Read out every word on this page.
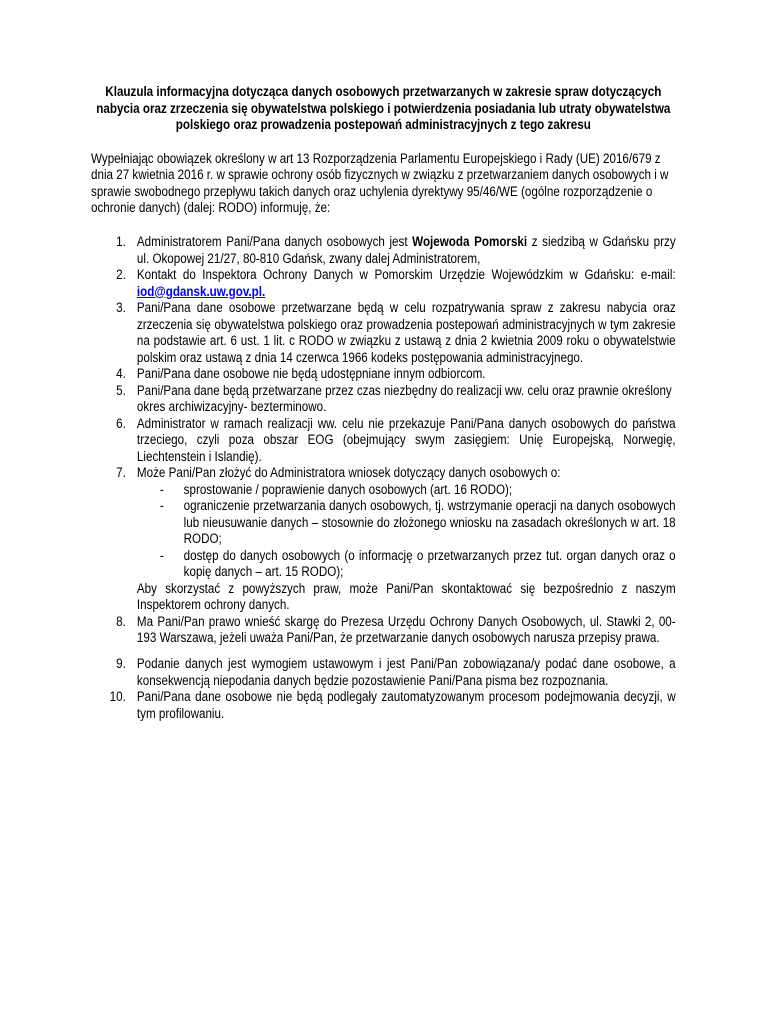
Klauzula informacyjna dotycząca danych osobowych przetwarzanych w zakresie spraw dotyczących nabycia oraz zrzeczenia się obywatelstwa polskiego i potwierdzenia posiadania lub utraty obywatelstwa polskiego oraz prowadzenia postepowań administracyjnych z tego zakresu

Wypełniając obowiązek określony w art 13 Rozporządzenia Parlamentu Europejskiego i Rady (UE) 2016/679 z dnia 27 kwietnia 2016 r. w sprawie ochrony osób fizycznych w związku z przetwarzaniem danych osobowych i w sprawie swobodnego przepływu takich danych oraz uchylenia dyrektywy 95/46/WE (ogólne rozporządzenie o ochronie danych) (dalej: RODO) informuję, że:

1. Administratorem Pani/Pana danych osobowych jest Wojewoda Pomorski z siedzibą w Gdańsku przy ul. Okopowej 21/27, 80-810 Gdańsk, zwany dalej Administratorem,
2. Kontakt do Inspektora Ochrony Danych w Pomorskim Urzędzie Wojewódzkim w Gdańsku: e-mail: iod@gdansk.uw.gov.pl.
3. Pani/Pana dane osobowe przetwarzane będą w celu rozpatrywania spraw z zakresu nabycia oraz zrzeczenia się obywatelstwa polskiego oraz prowadzenia postepowań administracyjnych w tym zakresie na podstawie art. 6 ust. 1 lit. c RODO w związku z ustawą z dnia 2 kwietnia 2009 roku o obywatelstwie polskim oraz ustawą z dnia 14 czerwca 1966 kodeks postępowania administracyjnego.
4. Pani/Pana dane osobowe nie będą udostępniane innym odbiorcom.
5. Pani/Pana dane będą przetwarzane przez czas niezbędny do realizacji ww. celu oraz prawnie określony okres archiwizacyjny- bezterminowo.
6. Administrator w ramach realizacji ww. celu nie przekazuje Pani/Pana danych osobowych do państwa trzeciego, czyli poza obszar EOG (obejmujący swym zasięgiem: Unię Europejską, Norwegię, Liechtenstein i Islandię).
7. Może Pani/Pan złożyć do Administratora wniosek dotyczący danych osobowych o:
-	sprostowanie / poprawienie danych osobowych (art. 16 RODO);
-	ograniczenie przetwarzania danych osobowych, tj. wstrzymanie operacji na danych osobowych lub nieusuwanie danych – stosownie do złożonego wniosku na zasadach określonych w art. 18 RODO;
-	dostęp do danych osobowych (o informację o przetwarzanych przez tut. organ danych oraz o kopię danych – art. 15 RODO);
Aby skorzystać z powyższych praw, może Pani/Pan skontaktować się bezpośrednio z naszym Inspektorem ochrony danych.
8. Ma Pani/Pan prawo wnieść skargę do Prezesa Urzędu Ochrony Danych Osobowych, ul. Stawki 2, 00-193 Warszawa, jeżeli uważa Pani/Pan, że przetwarzanie danych osobowych narusza przepisy prawa.
9. Podanie danych jest wymogiem ustawowym i jest Pani/Pan zobowiązana/y podać dane osobowe, a konsekwencją niepodania danych będzie pozostawienie Pani/Pana pisma bez rozpoznania.
10. Pani/Pana dane osobowe nie będą podlegały zautomatyzowanym procesom podejmowania decyzji, w tym profilowaniu.
